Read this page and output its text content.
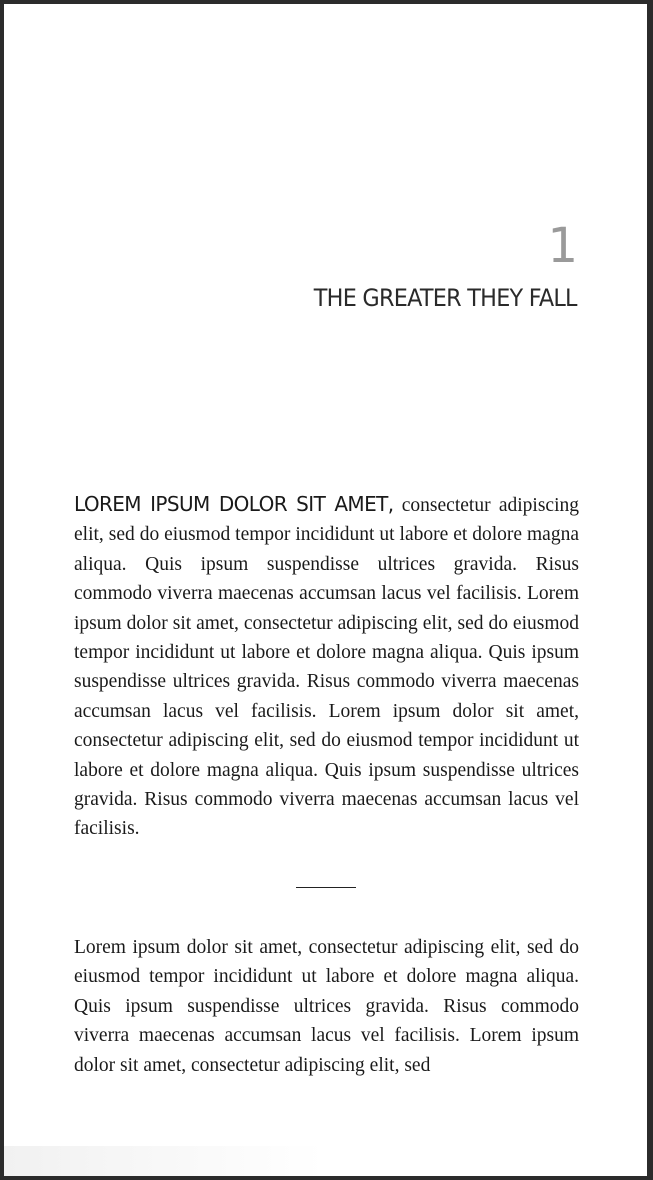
1
THE GREATER THEY FALL

LOREM IPSUM DOLOR SIT AMET, consectetur adipiscing elit, sed do eiusmod tempor incididunt ut labore et dolore magna aliqua. Quis ipsum suspendisse ultrices gravida. Risus commodo viverra maecenas accumsan lacus vel facilisis. Lorem ipsum dolor sit amet, consectetur adipiscing elit, sed do eiusmod tempor incididunt ut labore et dolore magna aliqua. Quis ipsum suspendisse ultrices gravida. Risus commodo viverra maecenas accumsan lacus vel facilisis. Lorem ipsum dolor sit amet, consectetur adipiscing elit, sed do eiusmod tempor incididunt ut labore et dolore magna aliqua. Quis ipsum suspendisse ultrices gravida. Risus commodo viverra maecenas accumsan lacus vel facilisis.

Lorem ipsum dolor sit amet, consectetur adipiscing elit, sed do eiusmod tempor incididunt ut labore et dolore magna aliqua. Quis ipsum suspendisse ultrices gravida. Risus commodo viverra maecenas accumsan lacus vel facilisis. Lorem ipsum dolor sit amet, consectetur adipiscing elit, sed
